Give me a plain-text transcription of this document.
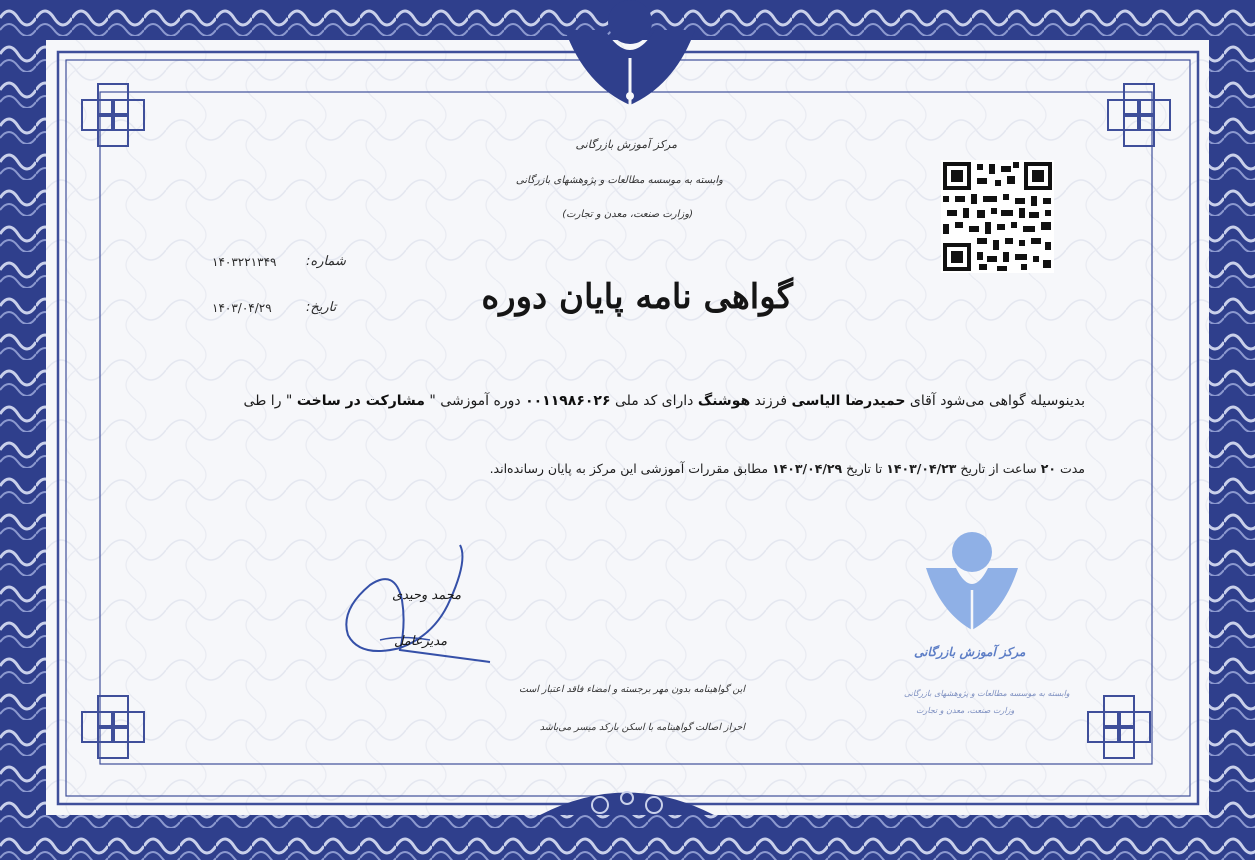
مرکز آموزش بازرگانی
وابسته به موسسه مطالعات و پژوهشهای بازرگانی
(وزارت صنعت، معدن و تجارت)
شماره:
۱۴۰۳۲۲۱۳۴۹
تاریخ:
۱۴۰۳/۰۴/۲۹	گواهی نامه پایان دوره
بدینوسیله گواهی می‌شود آقای حمیدرضا الیاسی فرزند هوشنگ دارای کد ملی ۰۰۱۱۹۸۶۰۲۶ دوره آموزشی " مشارکت در ساخت " را طی
مدت ۲۰ ساعت از تاریخ ۱۴۰۳/۰۴/۲۳ تا تاریخ ۱۴۰۳/۰۴/۲۹ مطابق مقررات آموزشی این مرکز به پایان رسانده‌اند.
محمد وحیدی
مدیرعامل
این گواهینامه بدون مهر برجسته و امضاء فاقد اعتبار است
احراز اصالت گواهینامه با اسکن بارکد میسر می‌باشد
مرکز آموزش بازرگانی
وابسته به موسسه مطالعات و پژوهشهای بازرگانی
وزارت صنعت، معدن و تجارت
